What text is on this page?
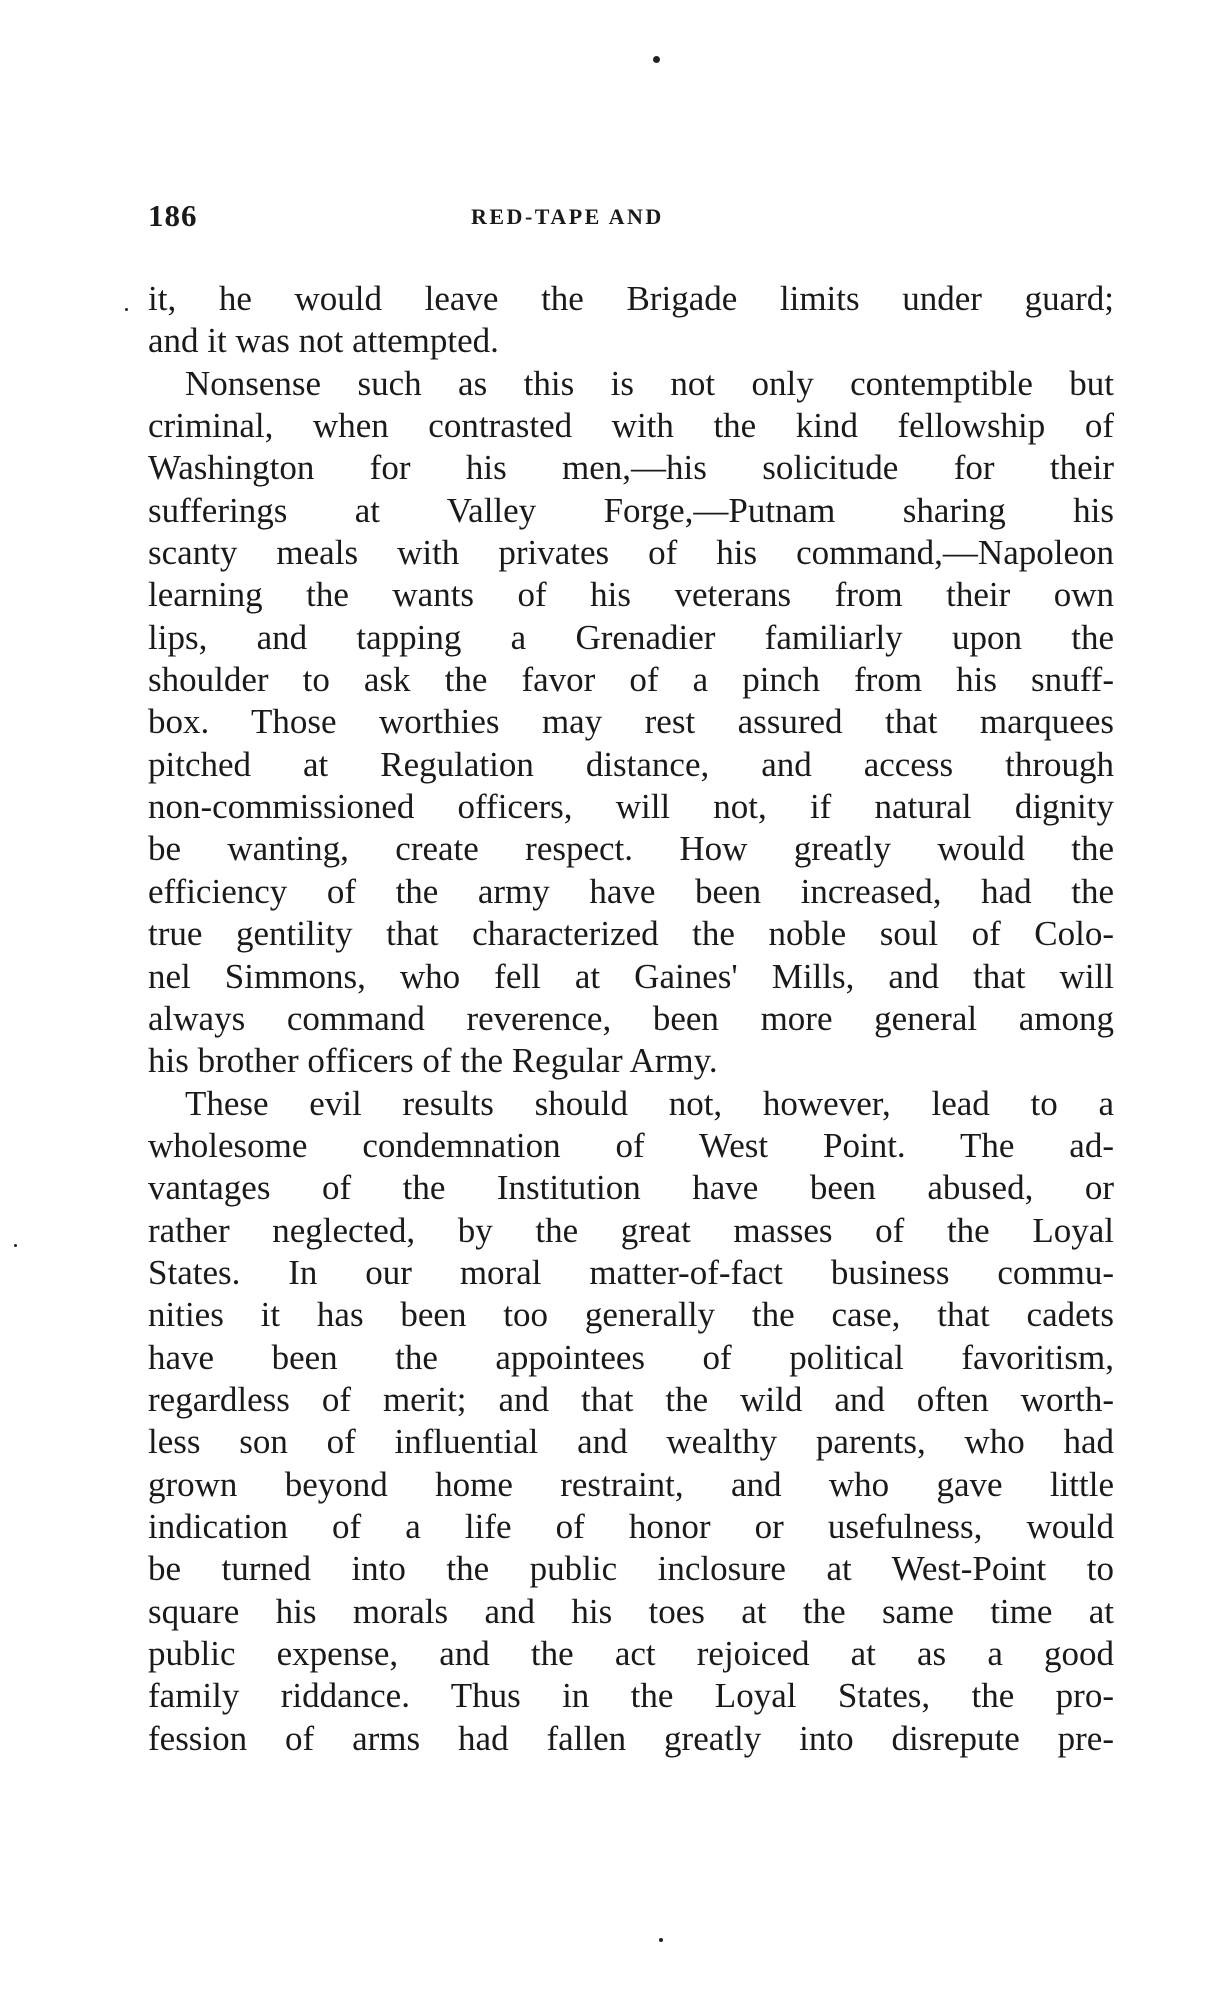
186	RED-TAPE AND
it, he would leave the Brigade limits under guard;
and it was not attempted.
Nonsense such as this is not only contemptible but
criminal, when contrasted with the kind fellowship of
Washington for his men,—his solicitude for their
sufferings at Valley Forge,—Putnam sharing his
scanty meals with privates of his command,—Napoleon
learning the wants of his veterans from their own
lips, and tapping a Grenadier familiarly upon the
shoulder to ask the favor of a pinch from his snuff-
box. Those worthies may rest assured that marquees
pitched at Regulation distance, and access through
non-commissioned officers, will not, if natural dignity
be wanting, create respect. How greatly would the
efficiency of the army have been increased, had the
true gentility that characterized the noble soul of Colo-
nel Simmons, who fell at Gaines' Mills, and that will
always command reverence, been more general among
his brother officers of the Regular Army.
These evil results should not, however, lead to a
wholesome condemnation of West Point. The ad-
vantages of the Institution have been abused, or
rather neglected, by the great masses of the Loyal
States. In our moral matter-of-fact business commu-
nities it has been too generally the case, that cadets
have been the appointees of political favoritism,
regardless of merit; and that the wild and often worth-
less son of influential and wealthy parents, who had
grown beyond home restraint, and who gave little
indication of a life of honor or usefulness, would
be turned into the public inclosure at West-Point to
square his morals and his toes at the same time at
public expense, and the act rejoiced at as a good
family riddance. Thus in the Loyal States, the pro-
fession of arms had fallen greatly into disrepute pre-
